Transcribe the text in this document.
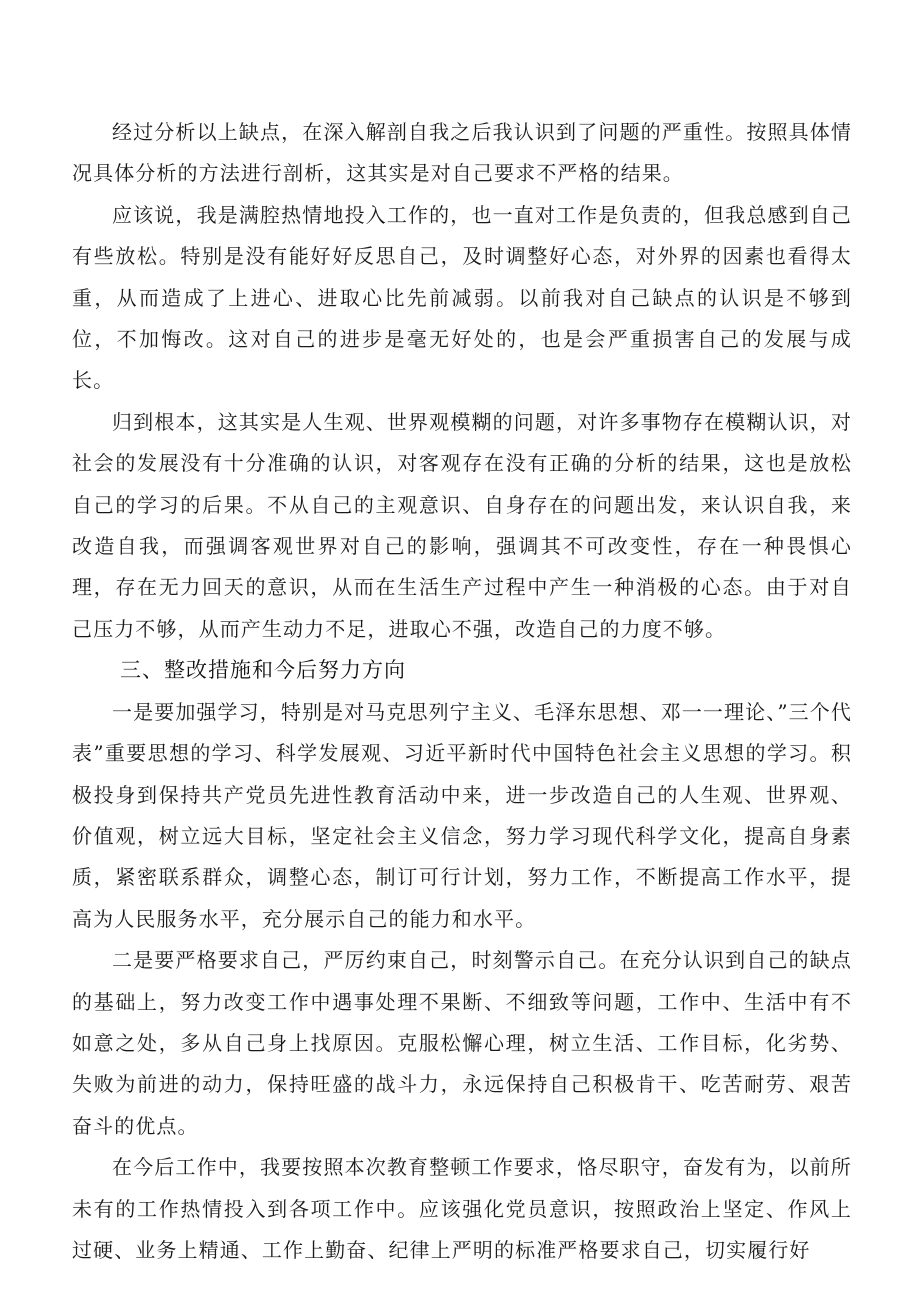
经过分析以上缺点，在深入解剖自我之后我认识到了问题的严重性。按照具体情况具体分析的方法进行剖析，这其实是对自己要求不严格的结果。

应该说，我是满腔热情地投入工作的，也一直对工作是负责的，但我总感到自己有些放松。特别是没有能好好反思自己，及时调整好心态，对外界的因素也看得太重，从而造成了上进心、进取心比先前减弱。以前我对自己缺点的认识是不够到位，不加悔改。这对自己的进步是毫无好处的，也是会严重损害自己的发展与成长。

归到根本，这其实是人生观、世界观模糊的问题，对许多事物存在模糊认识，对社会的发展没有十分准确的认识，对客观存在没有正确的分析的结果，这也是放松自己的学习的后果。不从自己的主观意识、自身存在的问题出发，来认识自我，来改造自我，而强调客观世界对自己的影响，强调其不可改变性，存在一种畏惧心理，存在无力回天的意识，从而在生活生产过程中产生一种消极的心态。由于对自己压力不够，从而产生动力不足，进取心不强，改造自己的力度不够。

三、整改措施和今后努力方向

一是要加强学习，特别是对马克思列宁主义、毛泽东思想、邓一一理论、”三个代表”重要思想的学习、科学发展观、习近平新时代中国特色社会主义思想的学习。积极投身到保持共产党员先进性教育活动中来，进一步改造自己的人生观、世界观、价值观，树立远大目标，坚定社会主义信念，努力学习现代科学文化，提高自身素质，紧密联系群众，调整心态，制订可行计划，努力工作，不断提高工作水平，提高为人民服务水平，充分展示自己的能力和水平。

二是要严格要求自己，严厉约束自己，时刻警示自己。在充分认识到自己的缺点的基础上，努力改变工作中遇事处理不果断、不细致等问题，工作中、生活中有不如意之处，多从自己身上找原因。克服松懈心理，树立生活、工作目标，化劣势、失败为前进的动力，保持旺盛的战斗力，永远保持自己积极肯干、吃苦耐劳、艰苦奋斗的优点。

在今后工作中，我要按照本次教育整顿工作要求，恪尽职守，奋发有为，以前所未有的工作热情投入到各项工作中。应该强化党员意识，按照政治上坚定、作风上过硬、业务上精通、工作上勤奋、纪律上严明的标准严格要求自己，切实履行好
